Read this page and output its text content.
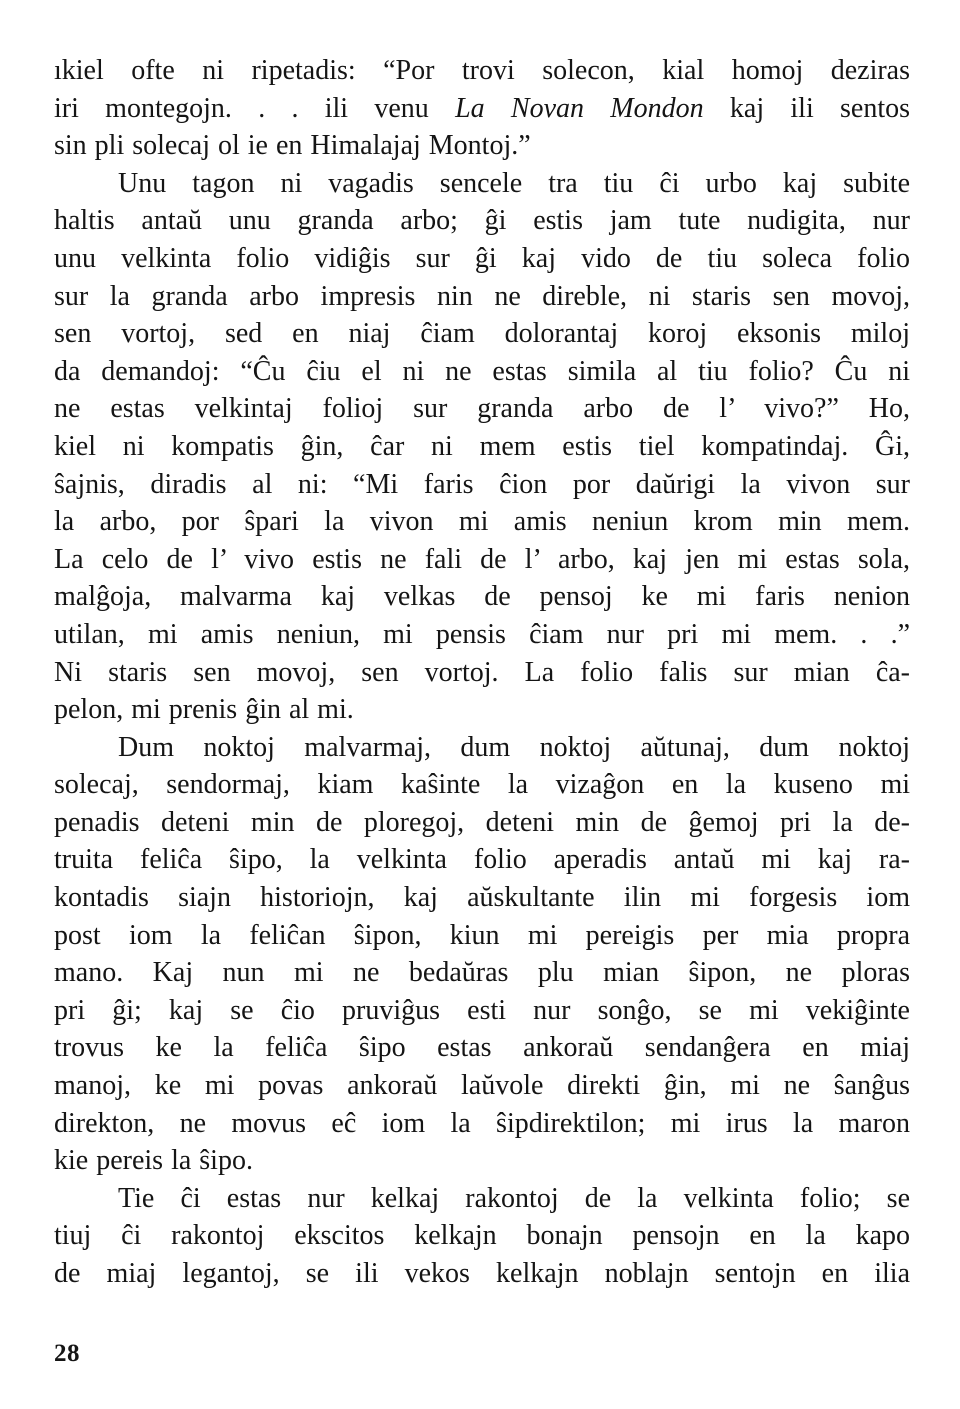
ıkiel ofte ni ripetadis: “Por trovi solecon, kial homoj deziras
iri montegojn. . . ili venu La Novan Mondon kaj ili sentos
sin pli solecaj ol ie en Himalajaj Montoj.”
Unu tagon ni vagadis sencele tra tiu ĉi urbo kaj subite
haltis antaŭ unu granda arbo; ĝi estis jam tute nudigita, nur
unu velkinta folio vidiĝis sur ĝi kaj vido de tiu soleca folio
sur la granda arbo impresis nin ne direble, ni staris sen movoj,
sen vortoj, sed en niaj ĉiam dolorantaj koroj eksonis miloj
da demandoj: “Ĉu ĉiu el ni ne estas simila al tiu folio? Ĉu ni
ne estas velkintaj folioj sur granda arbo de l’ vivo?” Ho,
kiel ni kompatis ĝin, ĉar ni mem estis tiel kompatindaj. Ĝi,
ŝajnis, diradis al ni: “Mi faris ĉion por daŭrigi la vivon sur
la arbo, por ŝpari la vivon mi amis neniun krom min mem.
La celo de l’ vivo estis ne fali de l’ arbo, kaj jen mi estas sola,
malĝoja, malvarma kaj velkas de pensoj ke mi faris nenion
utilan, mi amis neniun, mi pensis ĉiam nur pri mi mem. . .”
Ni staris sen movoj, sen vortoj. La folio falis sur mian ĉa-
pelon, mi prenis ĝin al mi.
Dum noktoj malvarmaj, dum noktoj aŭtunaj, dum noktoj
solecaj, sendormaj, kiam kaŝinte la vizaĝon en la kuseno mi
penadis deteni min de ploregoj, deteni min de ĝemoj pri la de-
truita feliĉa ŝipo, la velkinta folio aperadis antaŭ mi kaj ra-
kontadis siajn historiojn, kaj aŭskultante ilin mi forgesis iom
post iom la feliĉan ŝipon, kiun mi pereigis per mia propra
mano. Kaj nun mi ne bedaŭras plu mian ŝipon, ne ploras
pri ĝi; kaj se ĉio pruviĝus esti nur sonĝo, se mi vekiĝinte
trovus ke la feliĉa ŝipo estas ankoraŭ sendanĝera en miaj
manoj, ke mi povas ankoraŭ laŭvole direkti ĝin, mi ne ŝanĝus
direkton, ne movus eĉ iom la ŝipdirektilon; mi irus la maron
kie pereis la ŝipo.
Tie ĉi estas nur kelkaj rakontoj de la velkinta folio; se
tiuj ĉi rakontoj ekscitos kelkajn bonajn pensojn en la kapo
de miaj legantoj, se ili vekos kelkajn noblajn sentojn en ilia
28
